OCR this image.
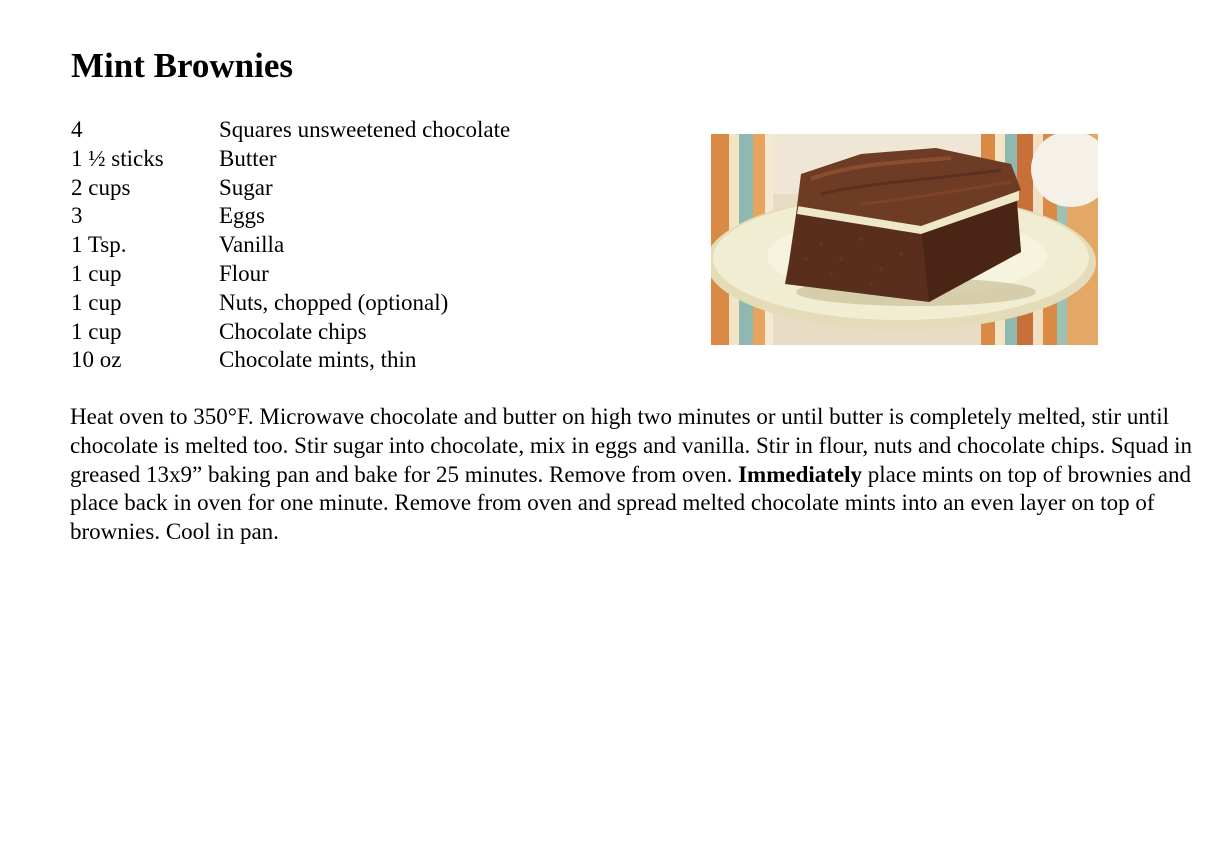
Mint Brownies
4	Squares unsweetened chocolate
1 ½ sticks	Butter
2 cups	Sugar
3	Eggs
1 Tsp.	Vanilla
1 cup	Flour
1 cup	Nuts, chopped (optional)
1 cup	Chocolate chips
10 oz	Chocolate mints, thin

Heat oven to 350°F. Microwave chocolate and butter on high two minutes or until butter is completely melted, stir until chocolate is melted too. Stir sugar into chocolate, mix in eggs and vanilla. Stir in flour, nuts and chocolate chips. Squad in greased 13x9” baking pan and bake for 25 minutes. Remove from oven. Immediately place mints on top of brownies and place back in oven for one minute. Remove from oven and spread melted chocolate mints into an even layer on top of brownies. Cool in pan.
